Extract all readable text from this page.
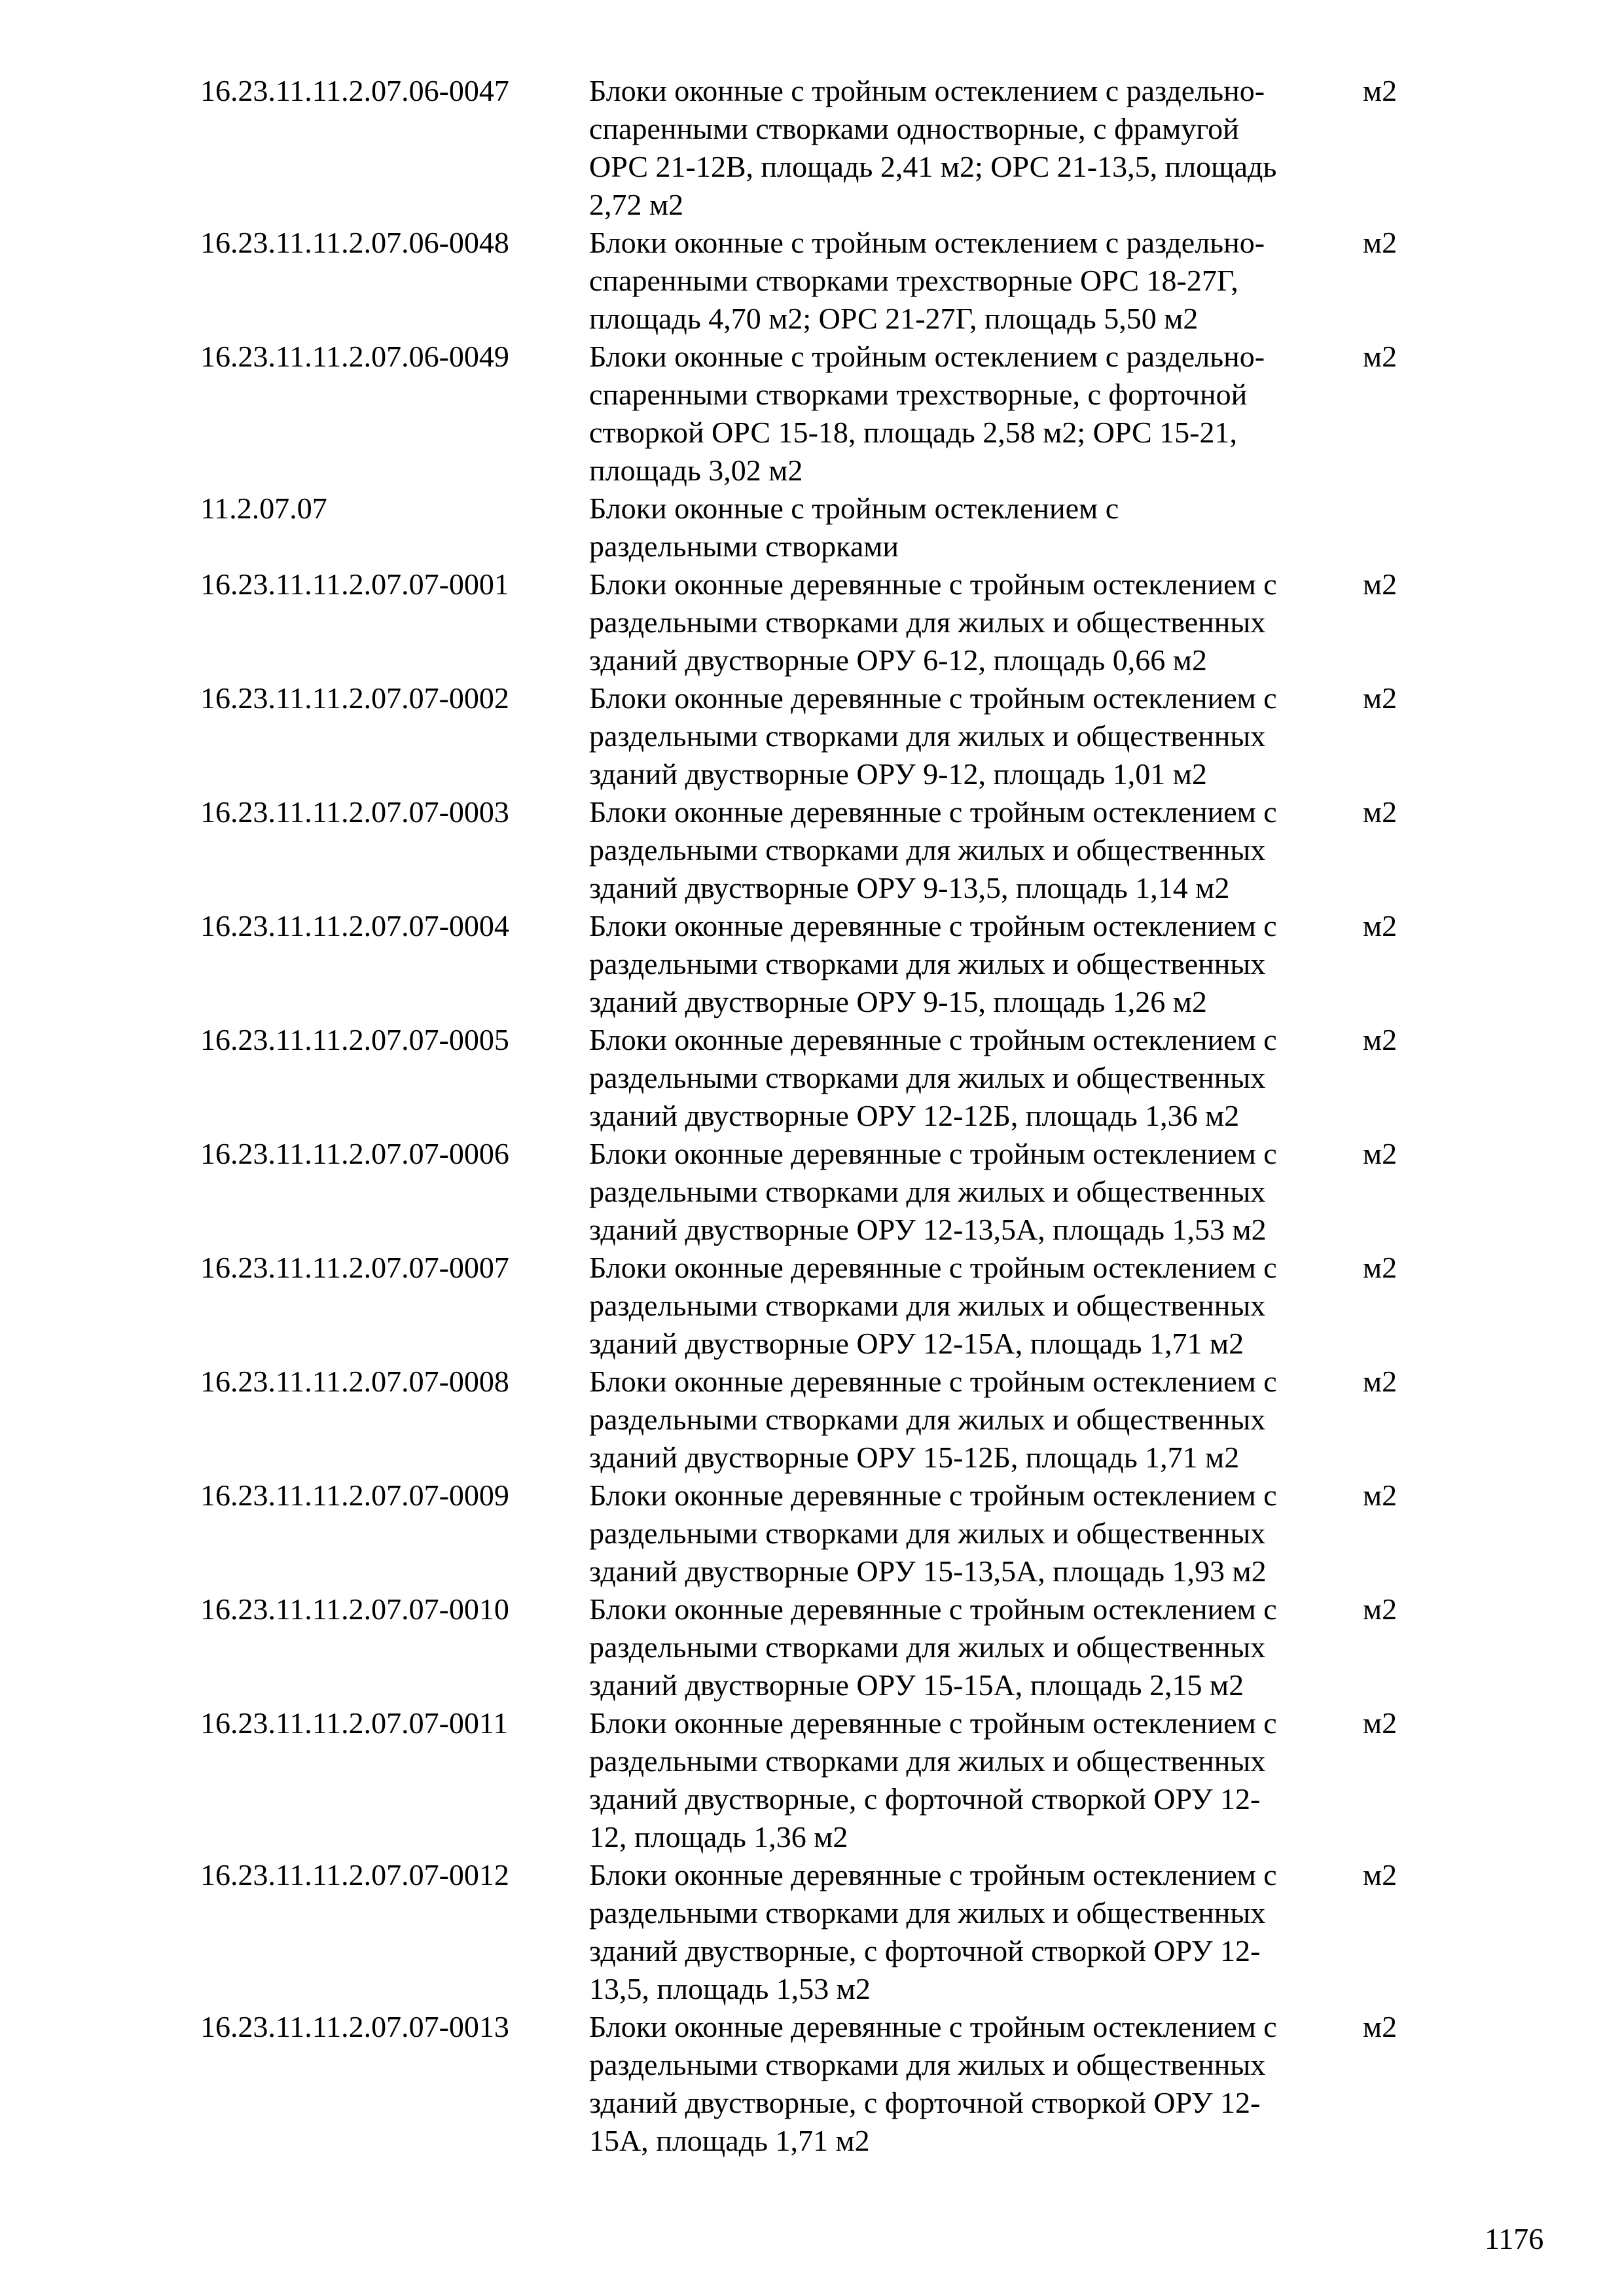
16.23.11.11.2.07.06-0047	Блоки оконные с тройным остеклением с раздельно-
спаренными створками одностворные, с фрамугой
ОРС 21-12В, площадь 2,41 м2; ОРС 21-13,5, площадь
2,72 м2
м2
16.23.11.11.2.07.06-0048	Блоки оконные с тройным остеклением с раздельно-
спаренными створками трехстворные ОРС 18-27Г,
площадь 4,70 м2; ОРС 21-27Г, площадь 5,50 м2
м2
16.23.11.11.2.07.06-0049	Блоки оконные с тройным остеклением с раздельно-
спаренными створками трехстворные, с форточной
створкой ОРС 15-18, площадь 2,58 м2; ОРС 15-21,
площадь 3,02 м2
м2
11.2.07.07	Блоки оконные с тройным остеклением с
раздельными створками
16.23.11.11.2.07.07-0001	Блоки оконные деревянные с тройным остеклением с
раздельными створками для жилых и общественных
зданий двустворные ОРУ 6-12, площадь 0,66 м2
м2
16.23.11.11.2.07.07-0002	Блоки оконные деревянные с тройным остеклением с
раздельными створками для жилых и общественных
зданий двустворные ОРУ 9-12, площадь 1,01 м2
м2
16.23.11.11.2.07.07-0003	Блоки оконные деревянные с тройным остеклением с
раздельными створками для жилых и общественных
зданий двустворные ОРУ 9-13,5, площадь 1,14 м2
м2
16.23.11.11.2.07.07-0004	Блоки оконные деревянные с тройным остеклением с
раздельными створками для жилых и общественных
зданий двустворные ОРУ 9-15, площадь 1,26 м2
м2
16.23.11.11.2.07.07-0005	Блоки оконные деревянные с тройным остеклением с
раздельными створками для жилых и общественных
зданий двустворные ОРУ 12-12Б, площадь 1,36 м2
м2
16.23.11.11.2.07.07-0006	Блоки оконные деревянные с тройным остеклением с
раздельными створками для жилых и общественных
зданий двустворные ОРУ 12-13,5А, площадь 1,53 м2
м2
16.23.11.11.2.07.07-0007	Блоки оконные деревянные с тройным остеклением с
раздельными створками для жилых и общественных
зданий двустворные ОРУ 12-15А, площадь 1,71 м2
м2
16.23.11.11.2.07.07-0008	Блоки оконные деревянные с тройным остеклением с
раздельными створками для жилых и общественных
зданий двустворные ОРУ 15-12Б, площадь 1,71 м2
м2
16.23.11.11.2.07.07-0009	Блоки оконные деревянные с тройным остеклением с
раздельными створками для жилых и общественных
зданий двустворные ОРУ 15-13,5А, площадь 1,93 м2
м2
16.23.11.11.2.07.07-0010	Блоки оконные деревянные с тройным остеклением с
раздельными створками для жилых и общественных
зданий двустворные ОРУ 15-15А, площадь 2,15 м2
м2
16.23.11.11.2.07.07-0011	Блоки оконные деревянные с тройным остеклением с
раздельными створками для жилых и общественных
зданий двустворные, с форточной створкой ОРУ 12-
12, площадь 1,36 м2
м2
16.23.11.11.2.07.07-0012	Блоки оконные деревянные с тройным остеклением с
раздельными створками для жилых и общественных
зданий двустворные, с форточной створкой ОРУ 12-
13,5, площадь 1,53 м2
м2
16.23.11.11.2.07.07-0013	Блоки оконные деревянные с тройным остеклением с
раздельными створками для жилых и общественных
зданий двустворные, с форточной створкой ОРУ 12-
15А, площадь 1,71 м2
м2
1176
